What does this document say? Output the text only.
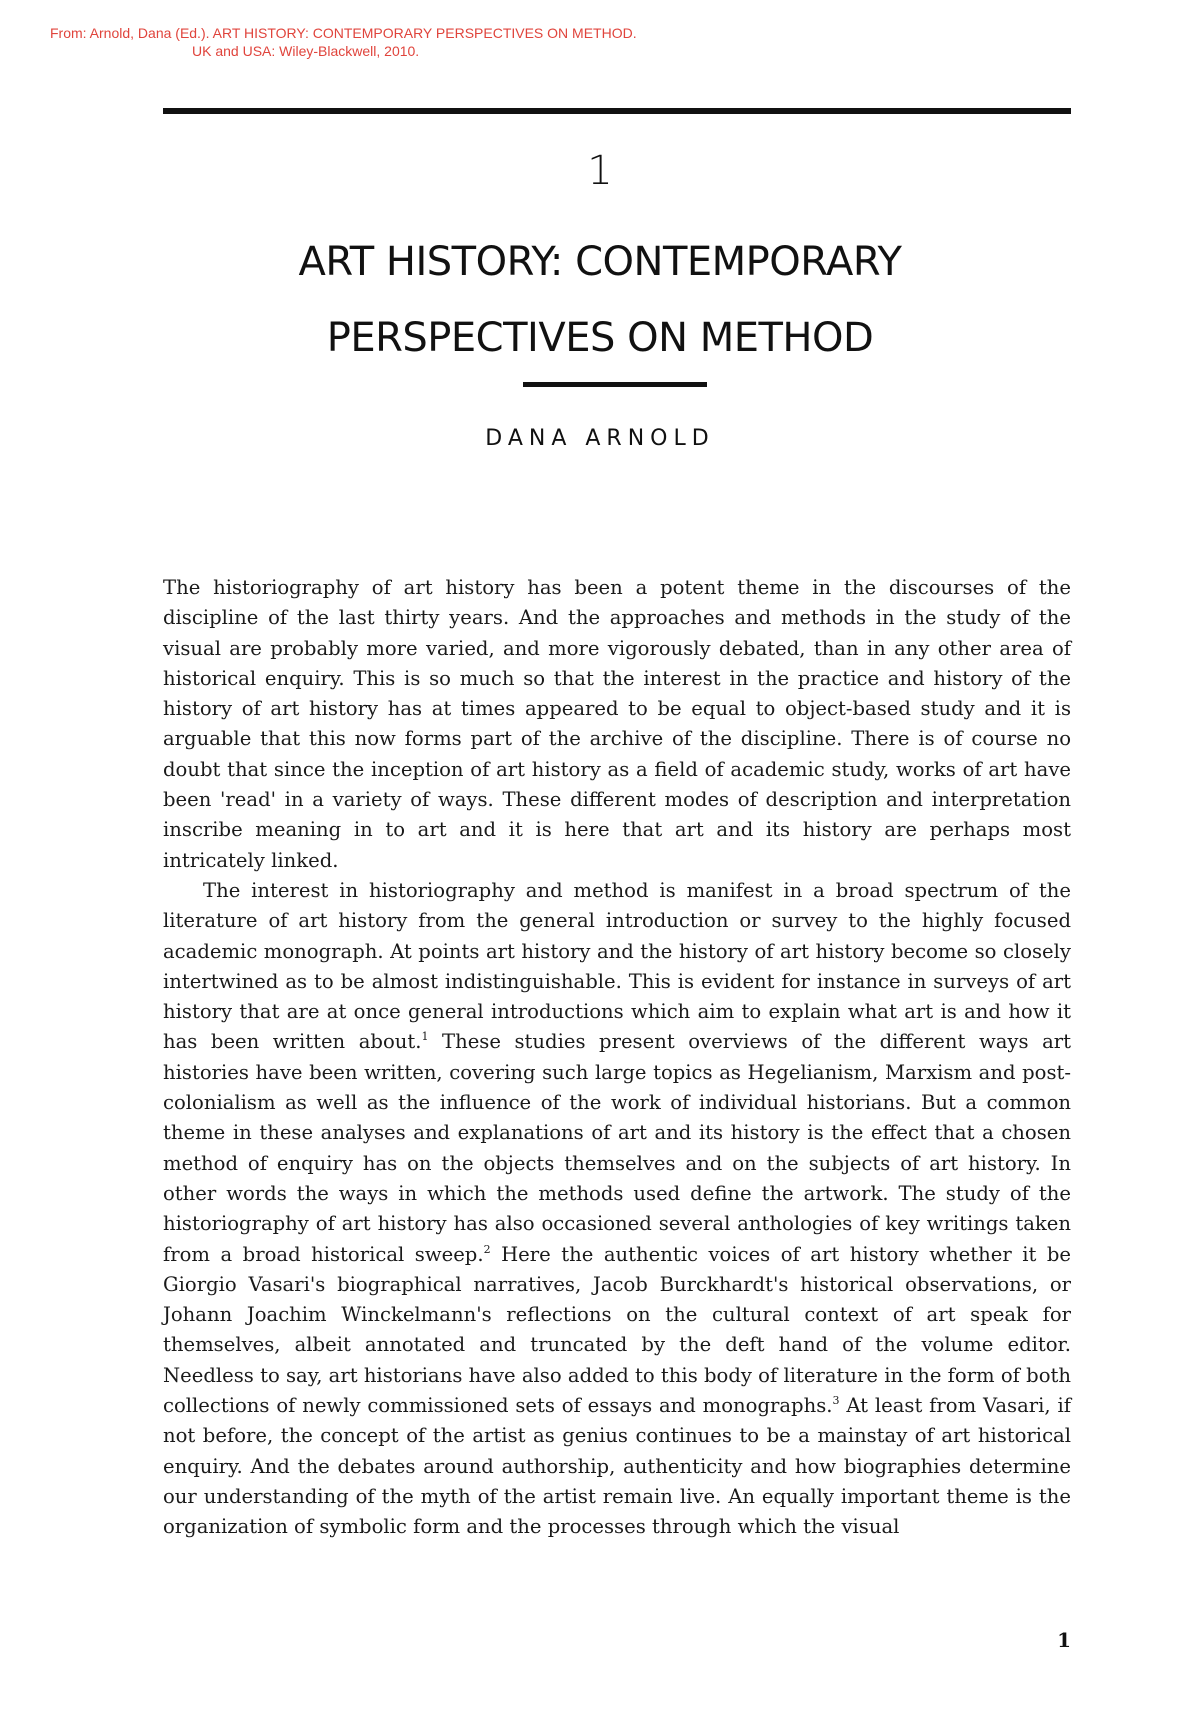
From: Arnold, Dana (Ed.). ART HISTORY: CONTEMPORARY PERSPECTIVES ON METHOD.
UK and USA: Wiley-Blackwell, 2010.
1
ART HISTORY: CONTEMPORARY
PERSPECTIVES ON METHOD

DANA ARNOLD

The historiography of art history has been a potent theme in the discourses of the discipline of the last thirty years. And the approaches and methods in the study of the visual are probably more varied, and more vigorously debated, than in any other area of historical enquiry. This is so much so that the interest in the practice and history of the history of art history has at times appeared to be equal to object-based study and it is arguable that this now forms part of the archive of the discipline. There is of course no doubt that since the inception of art history as a field of academic study, works of art have been 'read' in a variety of ways. These different modes of description and interpretation inscribe meaning in to art and it is here that art and its history are perhaps most intricately linked.

The interest in historiography and method is manifest in a broad spectrum of the literature of art history from the general introduction or survey to the highly focused academic monograph. At points art history and the history of art history become so closely intertwined as to be almost indistinguishable. This is evident for instance in surveys of art history that are at once general introductions which aim to explain what art is and how it has been written about.$^1$ These studies present overviews of the different ways art histories have been written, covering such large topics as Hegelianism, Marxism and post-colonialism as well as the influence of the work of individual historians. But a common theme in these analyses and explanations of art and its history is the effect that a chosen method of enquiry has on the objects themselves and on the subjects of art history. In other words the ways in which the methods used define the artwork. The study of the historiography of art history has also occasioned several anthologies of key writings taken from a broad historical sweep.$^2$ Here the authentic voices of art history whether it be Giorgio Vasari's biographical narratives, Jacob Burckhardt's historical observations, or Johann Joachim Winckelmann's reflections on the cultural context of art speak for themselves, albeit annotated and truncated by the deft hand of the volume editor. Needless to say, art historians have also added to this body of literature in the form of both collections of newly commissioned sets of essays and monographs.$^3$ At least from Vasari, if not before, the concept of the artist as genius continues to be a mainstay of art historical enquiry. And the debates around authorship, authenticity and how biographies determine our understanding of the myth of the artist remain live. An equally important theme is the organization of symbolic form and the processes through which the visual

1
